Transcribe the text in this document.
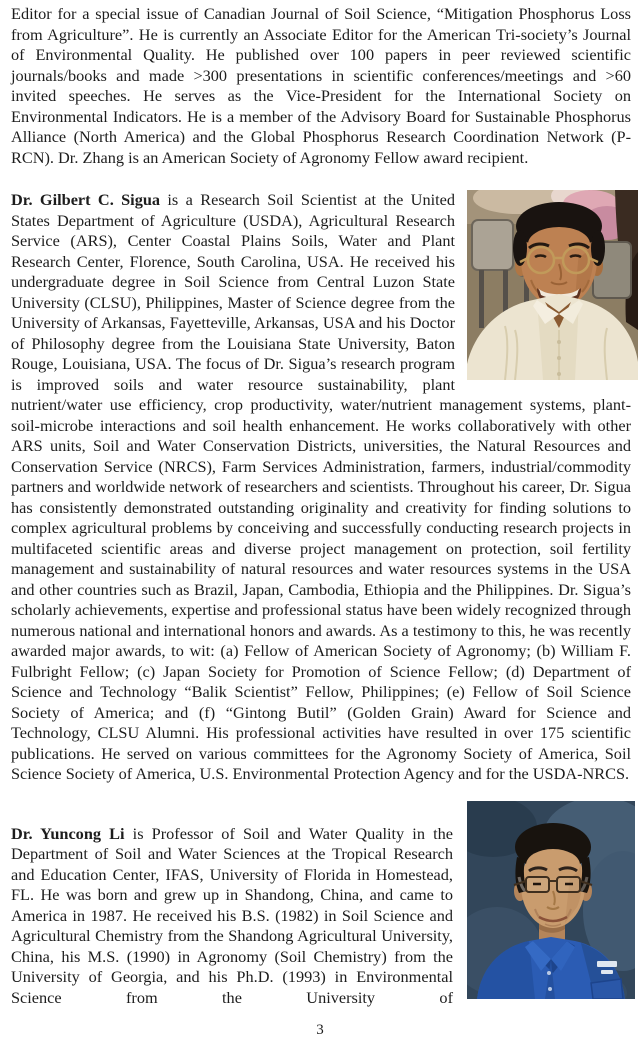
Editor for a special issue of Canadian Journal of Soil Science, “Mitigation Phosphorus Loss from Agriculture”. He is currently an Associate Editor for the American Tri-society’s Journal of Environmental Quality. He published over 100 papers in peer reviewed scientific journals/books and made >300 presentations in scientific conferences/meetings and >60 invited speeches. He serves as the Vice-President for the International Society on Environmental Indicators. He is a member of the Advisory Board for Sustainable Phosphorus Alliance (North America) and the Global Phosphorus Research Coordination Network (P-RCN). Dr. Zhang is an American Society of Agronomy Fellow award recipient.

Dr. Gilbert C. Sigua is a Research Soil Scientist at the United States Department of Agriculture (USDA), Agricultural Research Service (ARS), Center Coastal Plains Soils, Water and Plant Research Center, Florence, South Carolina, USA. He received his undergraduate degree in Soil Science from Central Luzon State University (CLSU), Philippines, Master of Science degree from the University of Arkansas, Fayetteville, Arkansas, USA and his Doctor of Philosophy degree from the Louisiana State University, Baton Rouge, Louisiana, USA. The focus of Dr. Sigua’s research program is improved soils and water resource sustainability, plant nutrient/water use efficiency, crop productivity, water/nutrient management systems, plant-soil-microbe interactions and soil health enhancement. He works collaboratively with other ARS units, Soil and Water Conservation Districts, universities, the Natural Resources and Conservation Service (NRCS), Farm Services Administration, farmers, industrial/commodity partners and worldwide network of researchers and scientists. Throughout his career, Dr. Sigua has consistently demonstrated outstanding originality and creativity for finding solutions to complex agricultural problems by conceiving and successfully conducting research projects in multifaceted scientific areas and diverse project management on protection, soil fertility management and sustainability of natural resources and water resources systems in the USA and other countries such as Brazil, Japan, Cambodia, Ethiopia and the Philippines. Dr. Sigua’s scholarly achievements, expertise and professional status have been widely recognized through numerous national and international honors and awards. As a testimony to this, he was recently awarded major awards, to wit: (a) Fellow of American Society of Agronomy; (b) William F. Fulbright Fellow; (c) Japan Society for Promotion of Science Fellow; (d) Department of Science and Technology “Balik Scientist” Fellow, Philippines; (e) Fellow of Soil Science Society of America; and (f) “Gintong Butil” (Golden Grain) Award for Science and Technology, CLSU Alumni. His professional activities have resulted in over 175 scientific publications. He served on various committees for the Agronomy Society of America, Soil Science Society of America, U.S. Environmental Protection Agency and for the USDA-NRCS.

Dr. Yuncong Li is Professor of Soil and Water Quality in the Department of Soil and Water Sciences at the Tropical Research and Education Center, IFAS, University of Florida in Homestead, FL. He was born and grew up in Shandong, China, and came to America in 1987. He received his B.S. (1982) in Soil Science and Agricultural Chemistry from the Shandong Agricultural University, China, his M.S. (1990) in Agronomy (Soil Chemistry) from the University of Georgia, and his Ph.D. (1993) in Environmental Science from the University of

3
